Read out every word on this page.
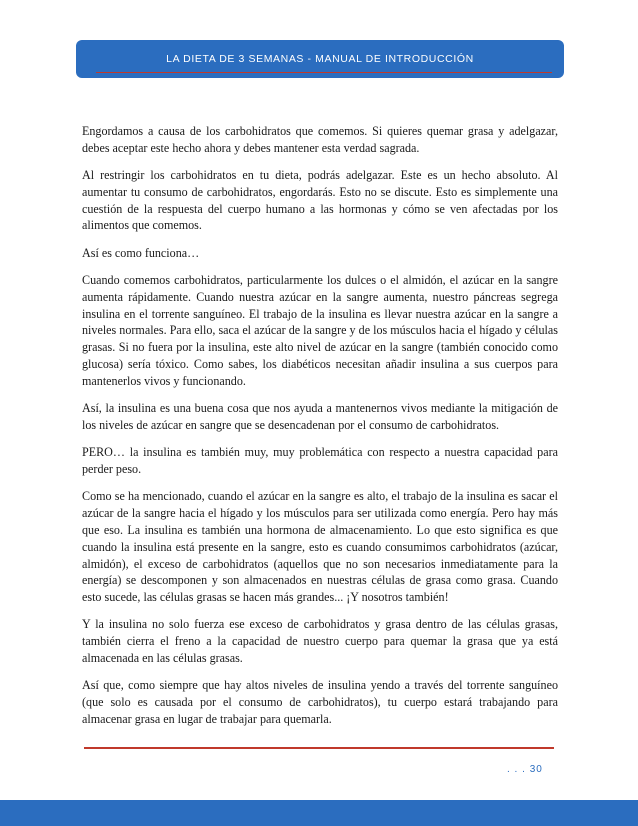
LA DIETA DE 3 SEMANAS - MANUAL DE INTRODUCCIÓN

Engordamos a causa de los carbohidratos que comemos. Si quieres quemar grasa y adelgazar, debes aceptar este hecho ahora y debes mantener esta verdad sagrada.

Al restringir los carbohidratos en tu dieta, podrás adelgazar. Este es un hecho absoluto. Al aumentar tu consumo de carbohidratos, engordarás. Esto no se discute. Esto es simplemente una cuestión de la respuesta del cuerpo humano a las hormonas y cómo se ven afectadas por los alimentos que comemos.

Así es como funciona…

Cuando comemos carbohidratos, particularmente los dulces o el almidón, el azúcar en la sangre aumenta rápidamente. Cuando nuestra azúcar en la sangre aumenta, nuestro páncreas segrega insulina en el torrente sanguíneo. El trabajo de la insulina es llevar nuestra azúcar en la sangre a niveles normales. Para ello, saca el azúcar de la sangre y de los músculos hacia el hígado y células grasas. Si no fuera por la insulina, este alto nivel de azúcar en la sangre (también conocido como glucosa) sería tóxico. Como sabes, los diabéticos necesitan añadir insulina a sus cuerpos para mantenerlos vivos y funcionando.

Así, la insulina es una buena cosa que nos ayuda a mantenernos vivos mediante la mitigación de los niveles de azúcar en sangre que se desencadenan por el consumo de carbohidratos.

PERO… la insulina es también muy, muy problemática con respecto a nuestra capacidad para perder peso.

Como se ha mencionado, cuando el azúcar en la sangre es alto, el trabajo de la insulina es sacar el azúcar de la sangre hacia el hígado y los músculos para ser utilizada como energía. Pero hay más que eso. La insulina es también una hormona de almacenamiento. Lo que esto significa es que cuando la insulina está presente en la sangre, esto es cuando consumimos carbohidratos (azúcar, almidón), el exceso de carbohidratos (aquellos que no son necesarios inmediatamente para la energía) se descomponen y son almacenados en nuestras células de grasa como grasa. Cuando esto sucede, las células grasas se hacen más grandes... ¡Y nosotros también!

Y la insulina no solo fuerza ese exceso de carbohidratos y grasa dentro de las células grasas, también cierra el freno a la capacidad de nuestro cuerpo para quemar la grasa que ya está almacenada en las células grasas.

Así que, como siempre que hay altos niveles de insulina yendo a través del torrente sanguíneo (que solo es causada por el consumo de carbohidratos), tu cuerpo estará trabajando para almacenar grasa en lugar de trabajar para quemarla.

. . . 30
